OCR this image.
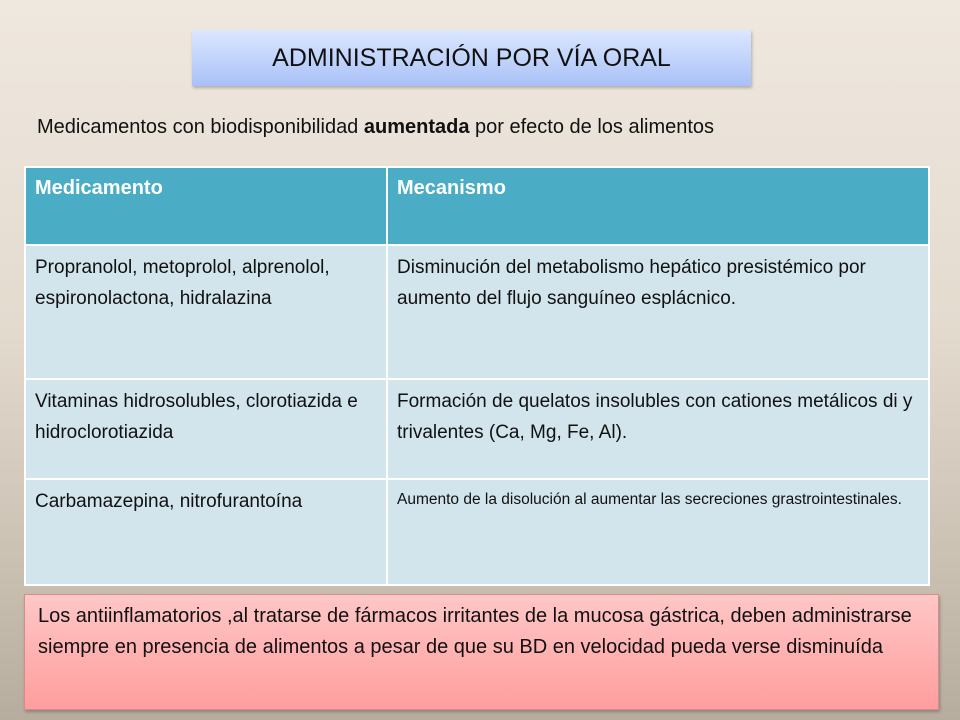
ADMINISTRACIÓN POR VÍA ORAL
Medicamentos con biodisponibilidad aumentada por efecto de los alimentos
Medicamento	Mecanismo
Propranolol, metoprolol, alprenolol, espironolactona, hidralazina	Disminución del metabolismo hepático presistémico por aumento del flujo sanguíneo esplácnico.
Vitaminas hidrosolubles, clorotiazida e hidroclorotiazida	Formación de quelatos insolubles con cationes metálicos di y trivalentes (Ca, Mg, Fe, Al).
Carbamazepina, nitrofurantoína	Aumento de la disolución al aumentar las secreciones grastrointestinales.
Los antiinflamatorios ,al tratarse de fármacos irritantes de la mucosa gástrica, deben administrarse siempre en presencia de alimentos a pesar de que su BD en velocidad pueda verse disminuída
